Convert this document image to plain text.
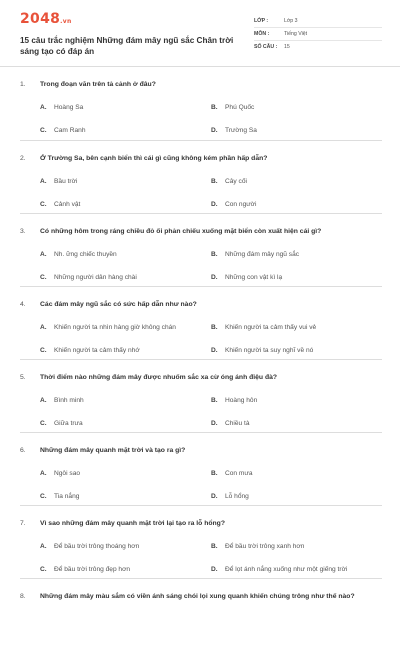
2048.vn
15 câu trắc nghiệm Những đám mây ngũ sắc Chân trời sáng tạo có đáp án
LỚP :	Lớp 3
MÔN :	Tiếng Việt
SỐ CÂU :	15
1.	Trong đoạn văn trên tả cảnh ở đâu?
A.	Hoàng Sa	B.	Phú Quốc
C.	Cam Ranh	D.	Trường Sa
2.	Ở Trường Sa, bên cạnh biển thì cái gì cũng không kém phần hấp dẫn?
A.	Bầu trời	B.	Cây cối
C.	Cảnh vật	D.	Con người
3.	Có những hôm trong ráng chiều đỏ ối phản chiếu xuống mặt biển còn xuất hiện cái gì?
A.	Nh. ững chiếc thuyền	B.	Những đám mây ngũ sắc
C.	Những người dân hàng chài	D.	Những con vật kì lạ
4.	Các đám mây ngũ sắc có sức hấp dẫn như nào?
A.	Khiến người ta nhìn hàng giờ không chán	B.	Khiến người ta cảm thấy vui vẻ
C.	Khiến người ta cảm thấy nhớ	D.	Khiến người ta suy nghĩ về nó
5.	Thời điểm nào những đám mây được nhuốm sắc xa cừ óng ánh điệu đà?
A.	Bình minh	B.	Hoàng hôn
C.	Giữa trưa	D.	Chiều tà
6.	Những đám mây quanh mặt trời và tạo ra gì?
A.	Ngôi sao	B.	Con mưa
C.	Tia nắng	D.	Lỗ hổng
7.	Vì sao những đám mây quanh mặt trời lại tạo ra lỗ hổng?
A.	Để bầu trời trông thoáng hơn	B.	Để bầu trời trông xanh hơn
C.	Để bầu trời trông đẹp hơn	D.	Để lọt ánh nắng xuống như một giếng trời
8.	Những đám mây màu sắm có viền ánh sáng chói lọi xung quanh khiến chúng trông như thế nào?
